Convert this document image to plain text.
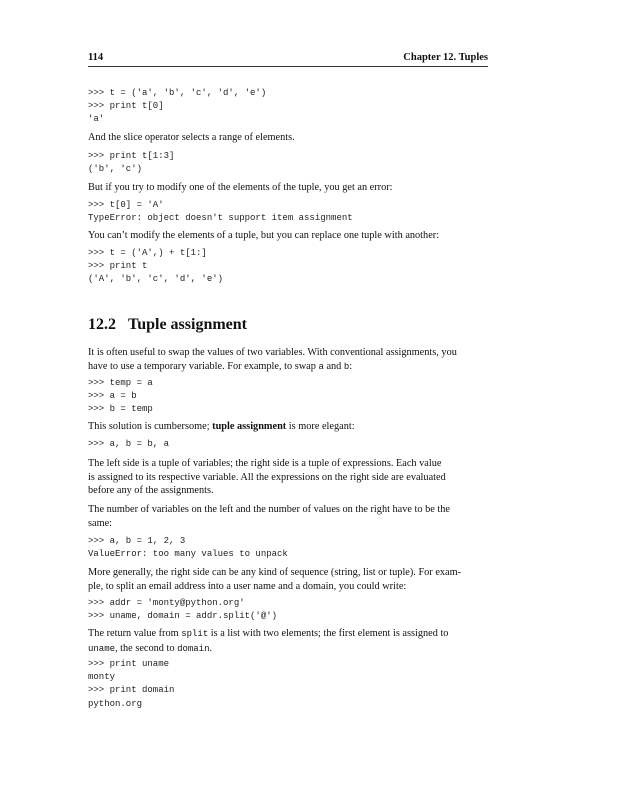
114	Chapter 12. Tuples
>>> t = ('a', 'b', 'c', 'd', 'e')
>>> print t[0]
'a'
And the slice operator selects a range of elements.
>>> print t[1:3]
('b', 'c')
But if you try to modify one of the elements of the tuple, you get an error:
>>> t[0] = 'A'
TypeError: object doesn't support item assignment
You can’t modify the elements of a tuple, but you can replace one tuple with another:
>>> t = ('A',) + t[1:]
>>> print t
('A', 'b', 'c', 'd', 'e')
12.2 Tuple assignment
It is often useful to swap the values of two variables. With conventional assignments, you
have to use a temporary variable. For example, to swap a and b:
>>> temp = a
>>> a = b
>>> b = temp
This solution is cumbersome; tuple assignment is more elegant:
>>> a, b = b, a
The left side is a tuple of variables; the right side is a tuple of expressions. Each value
is assigned to its respective variable. All the expressions on the right side are evaluated
before any of the assignments.
The number of variables on the left and the number of values on the right have to be the
same:
>>> a, b = 1, 2, 3
ValueError: too many values to unpack
More generally, the right side can be any kind of sequence (string, list or tuple). For exam-
ple, to split an email address into a user name and a domain, you could write:
>>> addr = 'monty@python.org'
>>> uname, domain = addr.split('@')
The return value from split is a list with two elements; the first element is assigned to
uname, the second to domain.
>>> print uname
monty
>>> print domain
python.org
